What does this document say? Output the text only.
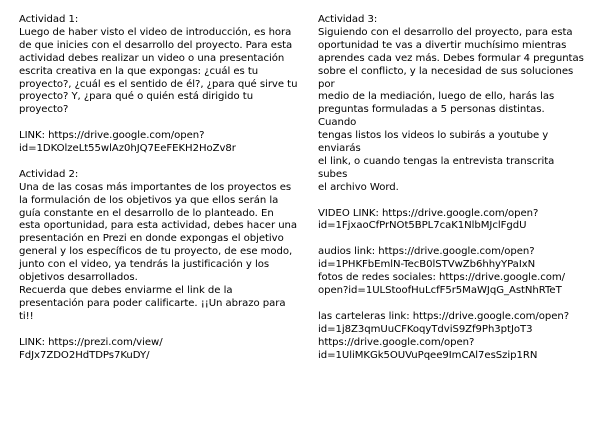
Actividad 1:

Luego de haber visto el video de introducción, es hora
de que inicies con el desarrollo del proyecto. Para esta
actividad debes realizar un video o una presentación
escrita creativa en la que expongas: ¿cuál es tu
proyecto?, ¿cuál es el sentido de él?, ¿para qué sirve tu
proyecto? Y, ¿para qué o quién está dirigido tu
proyecto?

LINK: https://drive.google.com/open?
id=1DKOlzeLt55wlAz0hJQ7EeFEKH2HoZv8r

Actividad 2:

Una de las cosas más importantes de los proyectos es
la formulación de los objetivos ya que ellos serán la
guía constante en el desarrollo de lo planteado. En
esta oportunidad, para esta actividad, debes hacer una
presentación en Prezi en donde expongas el objetivo
general y los específicos de tu proyecto, de ese modo,
junto con el video, ya tendrás la justificación y los
objetivos desarrollados.
Recuerda que debes enviarme el link de la
presentación para poder calificarte. ¡¡Un abrazo para
ti!!

LINK: https://prezi.com/view/
FdJx7ZDO2HdTDPs7KuDY/

Actividad 3:

Siguiendo con el desarrollo del proyecto, para esta
oportunidad te vas a divertir muchísimo mientras
aprendes cada vez más. Debes formular 4 preguntas
sobre el conflicto, y la necesidad de sus soluciones por
medio de la mediación, luego de ello, harás las
preguntas formuladas a 5 personas distintas. Cuando
tengas listos los videos lo subirás a youtube y enviarás
el link, o cuando tengas la entrevista transcrita subes
el archivo Word.

VIDEO LINK: https://drive.google.com/open?
id=1FjxaoCfPrNOt5BPL7caK1NlbMJclFgdU

audios link: https://drive.google.com/open?
id=1PHKFbEmlN-TecB0lSTVwZb6hhyYPaIxN
fotos de redes sociales: https://drive.google.com/
open?id=1ULStoofHuLcfF5r5MaWJqG_AstNhRTeT

las carteleras link: https://drive.google.com/open?
id=1j8Z3qmUuCFKoqyTdviS9Zf9Ph3ptJoT3
https://drive.google.com/open?
id=1UliMKGk5OUVuPqee9ImCAl7esSzip1RN
